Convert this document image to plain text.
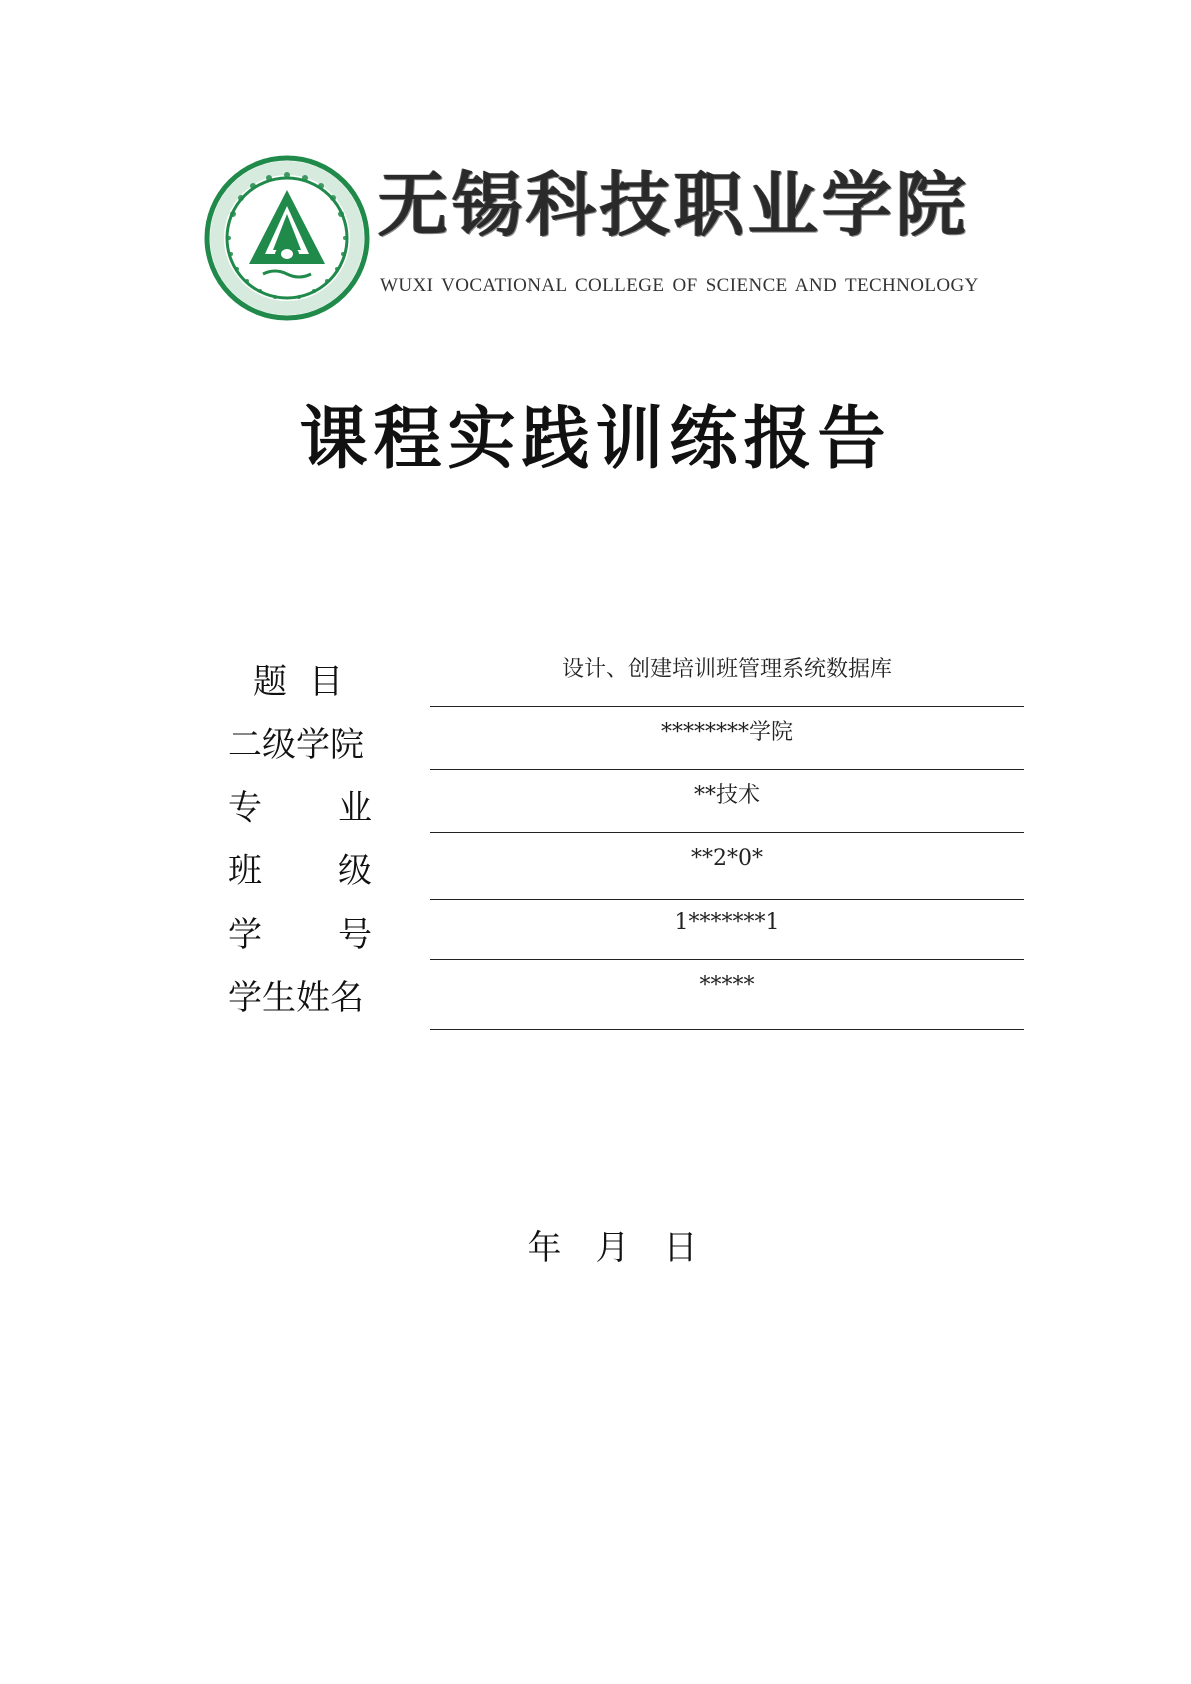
无锡科技职业学院
WUXI VOCATIONAL COLLEGE OF SCIENCE AND TECHNOLOGY
课程实践训练报告
题 目	设计、创建培训班管理系统数据库
二级学院	********学院
专 业	**技术
班 级	**2*0*
学 号	1*******1
学生姓名	*****
年 月 日
